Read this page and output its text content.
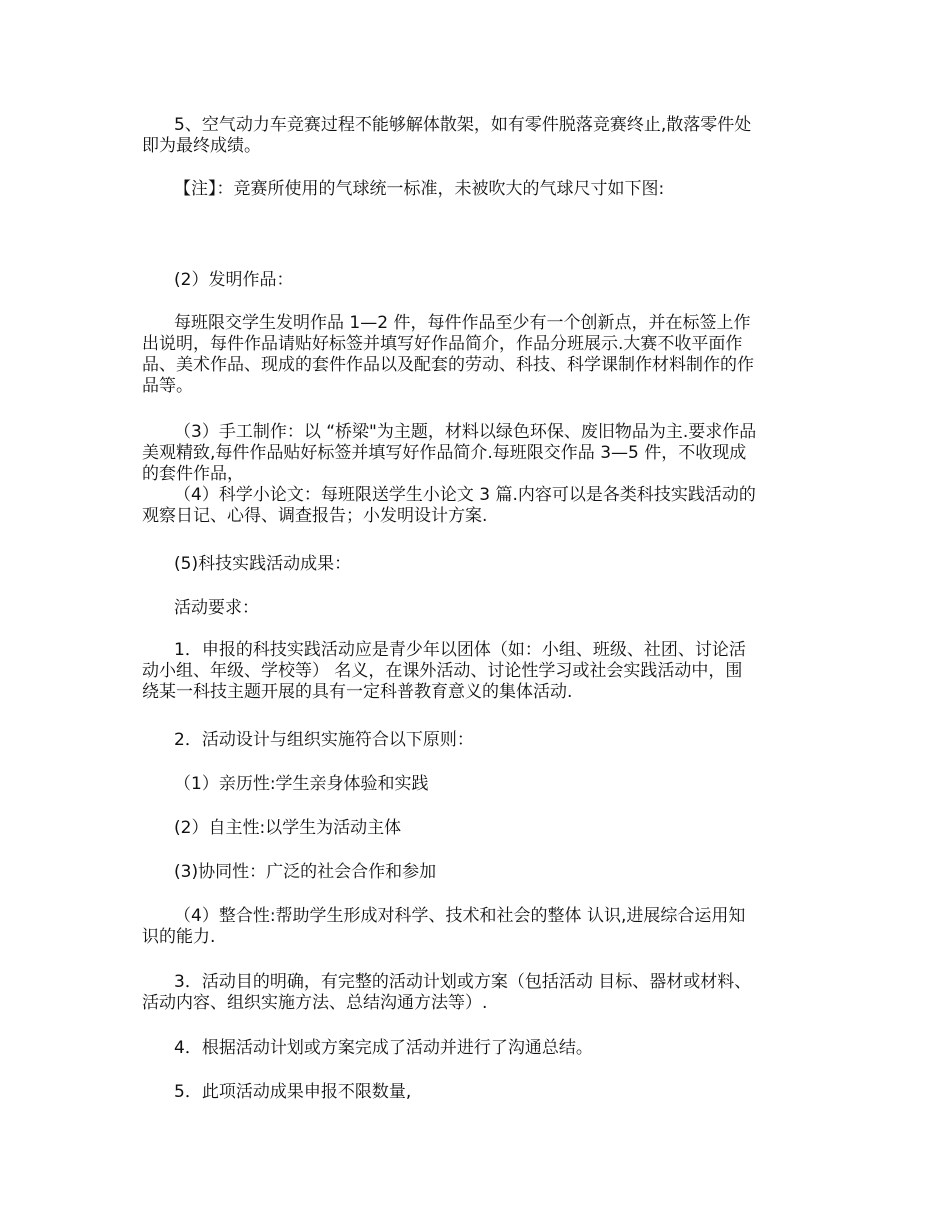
5、空气动力车竞赛过程不能够解体散架，如有零件脱落竞赛终止,散落零件处
即为最终成绩。

【注】：竞赛所使用的气球统一标准，未被吹大的气球尺寸如下图:

(2）发明作品：

每班限交学生发明作品 1—2 件，每件作品至少有一个创新点，并在标签上作
出说明，每件作品请贴好标签并填写好作品简介，作品分班展示.大赛不收平面作
品、美术作品、现成的套件作品以及配套的劳动、科技、科学课制作材料制作的作
品等。

（3）手工制作：以 “桥梁"为主题，材料以绿色环保、废旧物品为主.要求作品
美观精致,每件作品贴好标签并填写好作品简介.每班限交作品 3—5 件，不收现成
的套件作品，
（4）科学小论文：每班限送学生小论文 3 篇.内容可以是各类科技实践活动的
观察日记、心得、调查报告；小发明设计方案.

(5)科技实践活动成果：

活动要求：

1．申报的科技实践活动应是青少年以团体（如：小组、班级、社团、讨论活
动小组、年级、学校等） 名义，在课外活动、讨论性学习或社会实践活动中，围
绕某一科技主题开展的具有一定科普教育意义的集体活动.

2．活动设计与组织实施符合以下原则：

（1）亲历性:学生亲身体验和实践

(2）自主性:以学生为活动主体

(3)协同性：广泛的社会合作和参加

（4）整合性:帮助学生形成对科学、技术和社会的整体 认识,进展综合运用知
识的能力.

3．活动目的明确，有完整的活动计划或方案（包括活动 目标、器材或材料、
活动内容、组织实施方法、总结沟通方法等）.

4．根据活动计划或方案完成了活动并进行了沟通总结。

5．此项活动成果申报不限数量,
